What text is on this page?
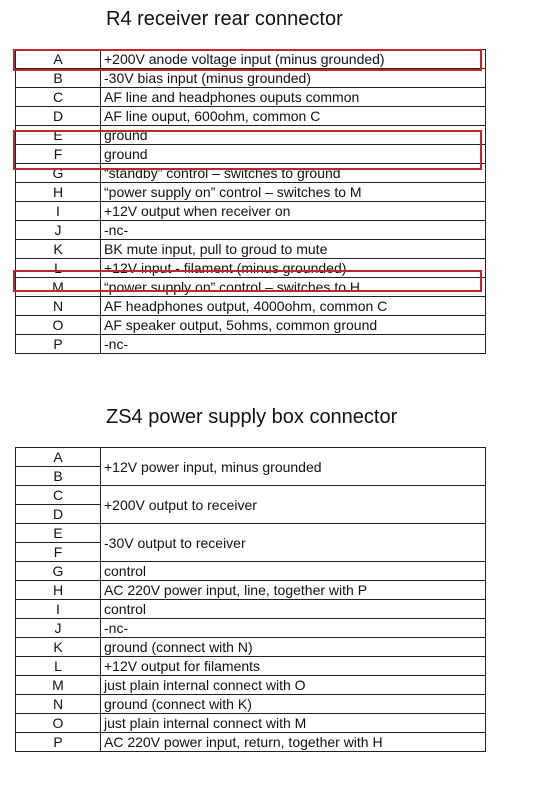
R4 receiver rear connector
A	+200V anode voltage input (minus grounded)
B	-30V bias input (minus grounded)
C	AF line and headphones ouputs common
D	AF line ouput, 600ohm, common C
E	ground
F	ground
G	“standby” control – switches to ground
H	“power supply on” control – switches to M
I	+12V output when receiver on
J	-nc-
K	BK mute input, pull to groud to mute
L	+12V input - filament (minus grounded)
M	“power supply on” control – switches to H
N	AF headphones output, 4000ohm, common C
O	AF speaker output, 5ohms, common ground
P	-nc-
ZS4 power supply box connector
A	+12V power input, minus grounded
B	
C	+200V output to receiver
D	
E	-30V output to receiver
F	
G	control
H	AC 220V power input, line, together with P
I	control
J	-nc-
K	ground (connect with N)
L	+12V output for filaments
M	just plain internal connect with O
N	ground (connect with K)
O	just plain internal connect with M
P	AC 220V power input, return, together with H
